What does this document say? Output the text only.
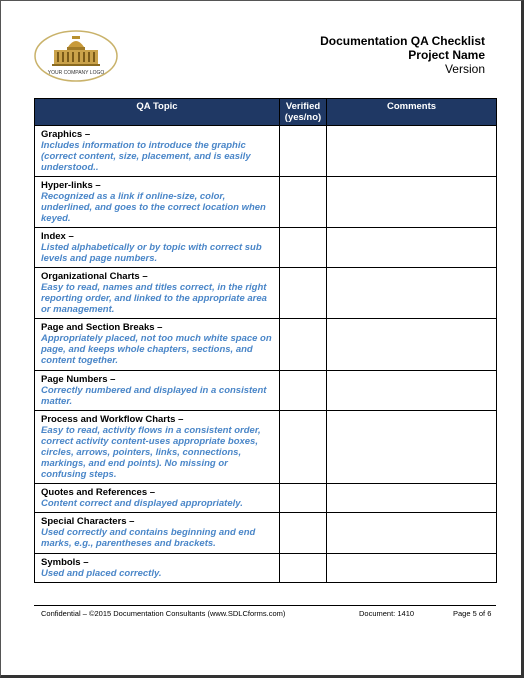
YOUR COMPANY LOGO
Documentation QA Checklist
Project Name
Version
QA Topic	Verified (yes/no)	Comments

Graphics –
Includes information to introduce the graphic (correct content, size, placement, and is easily understood..		

Hyper-links –
Recognized as a link if online-size, color, underlined, and goes to the correct location when keyed.		

Index –
Listed alphabetically or by topic with correct sub levels and page numbers.		

Organizational Charts –
Easy to read, names and titles correct, in the right reporting order, and linked to the appropriate area or management.		

Page and Section Breaks –
Appropriately placed, not too much white space on page, and keeps whole chapters, sections, and content together.		

Page Numbers –
Correctly numbered and displayed in a consistent matter.		

Process and Workflow Charts –
Easy to read, activity flows in a consistent order, correct activity content-uses appropriate boxes, circles, arrows, pointers, links, connections, markings, and end points). No missing or confusing steps.		

Quotes and References –
Content correct and displayed appropriately.		

Special Characters –
Used correctly and contains beginning and end marks, e.g., parentheses and brackets.		

Symbols –
Used and placed correctly.		

Confidential – ©2015 Documentation Consultants (www.SDLCforms.com)	Document: 1410	Page 5 of 6
